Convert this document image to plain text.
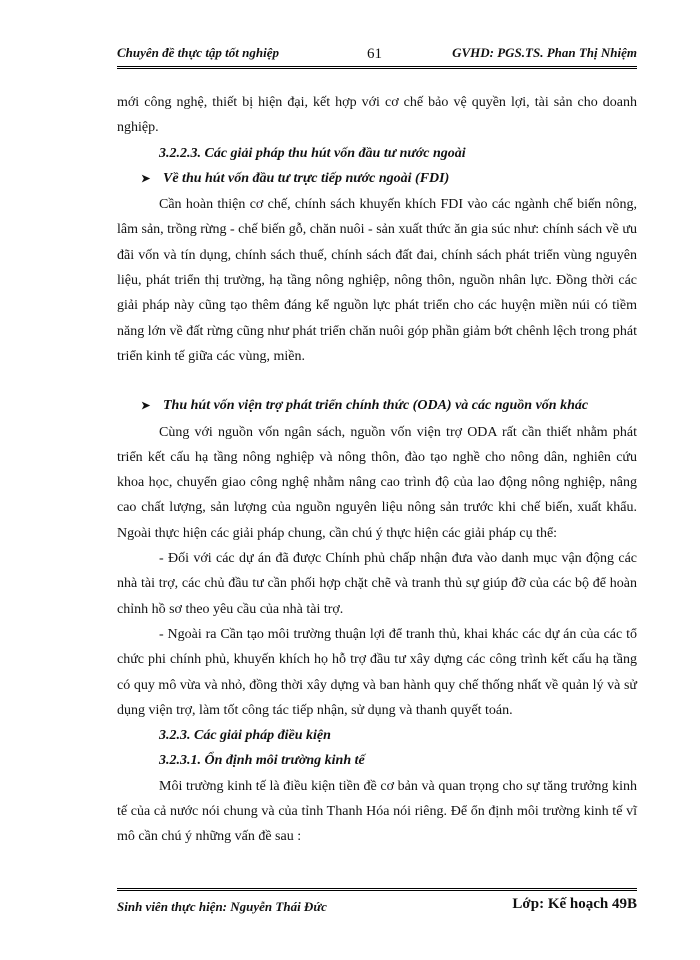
Chuyên đề thực tập tốt nghiệp	61	GVHD: PGS.TS. Phan Thị Nhiệm

mới công nghệ, thiết bị hiện đại, kết hợp với cơ chế bảo vệ quyền lợi, tài sản cho doanh nghiệp.

3.2.2.3. Các giải pháp thu hút vốn đầu tư nước ngoài

➤ Về thu hút vốn đầu tư trực tiếp nước ngoài (FDI)

Cần hoàn thiện cơ chế, chính sách khuyến khích FDI vào các ngành chế biến nông, lâm sản, trồng rừng - chế biến gỗ, chăn nuôi - sản xuất thức ăn gia súc như: chính sách về ưu đãi vốn và tín dụng, chính sách thuế, chính sách đất đai, chính sách phát triển vùng nguyên liệu, phát triển thị trường, hạ tầng nông nghiệp, nông thôn, nguồn nhân lực. Đồng thời các giải pháp này cũng tạo thêm đáng kể nguồn lực phát triển cho các huyện miền núi có tiềm năng lớn về đất rừng cũng như phát triển chăn nuôi góp phần giảm bớt chênh lệch trong phát triển kinh tế giữa các vùng, miền.

➤ Thu hút vốn viện trợ phát triển chính thức (ODA) và các nguồn vốn khác

Cùng với nguồn vốn ngân sách, nguồn vốn viện trợ ODA rất cần thiết nhằm phát triển kết cấu hạ tầng nông nghiệp và nông thôn, đào tạo nghề cho nông dân, nghiên cứu khoa học, chuyển giao công nghệ nhằm nâng cao trình độ của lao động nông nghiệp, nâng cao chất lượng, sản lượng của nguồn nguyên liệu nông sản trước khi chế biến, xuất khẩu. Ngoài thực hiện các giải pháp chung, cần chú ý thực hiện các giải pháp cụ thể:

- Đối với các dự án đã được Chính phủ chấp nhận đưa vào danh mục vận động các nhà tài trợ, các chủ đầu tư cần phối hợp chặt chẽ và tranh thủ sự giúp đỡ của các bộ để hoàn chỉnh hồ sơ theo yêu cầu của nhà tài trợ.

- Ngoài ra Cần tạo môi trường thuận lợi để tranh thủ, khai khác các dự án của các tổ chức phi chính phủ, khuyến khích họ hỗ trợ đầu tư xây dựng các công trình kết cấu hạ tầng có quy mô vừa và nhỏ, đồng thời xây dựng và ban hành quy chế thống nhất về quản lý và sử dụng viện trợ, làm tốt công tác tiếp nhận, sử dụng và thanh quyết toán.

3.2.3. Các giải pháp điều kiện

3.2.3.1. Ổn định môi trường kinh tế

Môi trường kinh tế là điều kiện tiền đề cơ bản và quan trọng cho sự tăng trưởng kinh tế của cả nước nói chung và của tỉnh Thanh Hóa nói riêng. Để ổn định môi trường kinh tế vĩ mô cần chú ý những vấn đề sau :

Sinh viên thực hiện: Nguyễn Thái Đức	Lớp: Kế hoạch 49B
